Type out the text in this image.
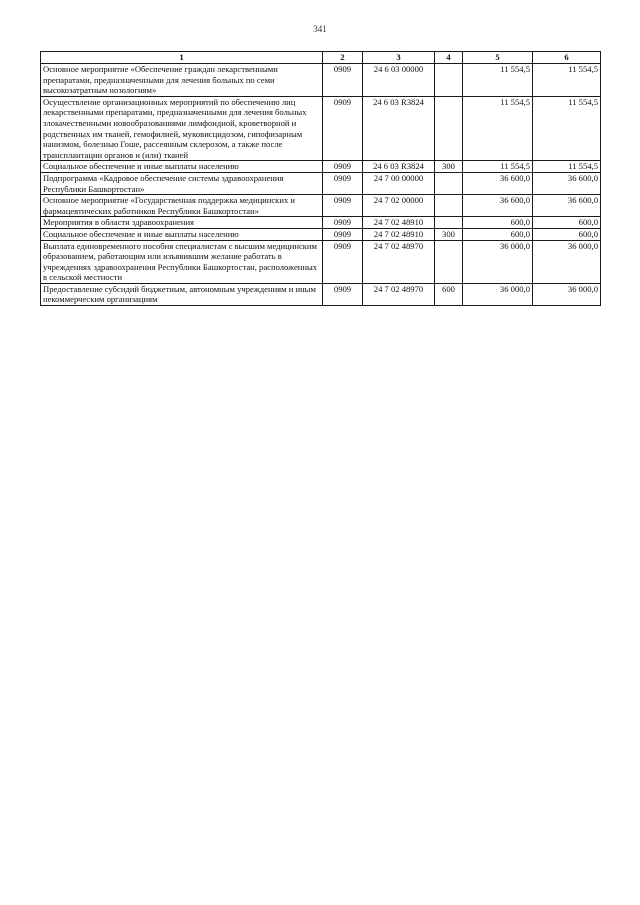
341
1	2	3	4	5	6
Основное мероприятие «Обеспечение граждан лекарственными препаратами, предназначенными для лечения больных по семи высокозатратным нозологиям»	0909	24 6 03 00000		11 554,5	11 554,5
Осуществление организационных мероприятий по обеспечению лиц лекарственными препаратами, предназначенными для лечения больных злокачественными новообразованиями лимфоидной, кроветворной и родственных им тканей, гемофилией, муковисцидозом, гипофизарным нанизмом, болезнью Гоше, рассеянным склерозом, а также после трансплантации органов и (или) тканей	0909	24 6 03 R3824		11 554,5	11 554,5
Социальное обеспечение и иные выплаты населению	0909	24 6 03 R3824	300	11 554,5	11 554,5
Подпрограмма «Кадровое обеспечение системы здравоохранения Республики Башкортостан»	0909	24 7 00 00000		36 600,0	36 600,0
Основное мероприятие «Государственная поддержка медицинских и фармацевтических работников Республики Башкортостан»	0909	24 7 02 00000		36 600,0	36 600,0
Мероприятия в области здравоохранения	0909	24 7 02 48910		600,0	600,0
Социальное обеспечение и иные выплаты населению	0909	24 7 02 48910	300	600,0	600,0
Выплата единовременного пособия специалистам с высшим медицинским образованием, работающим или изъявившим желание работать в учреждениях здравоохранения Республики Башкортостан, расположенных в сельской местности	0909	24 7 02 48970		36 000,0	36 000,0
Предоставление субсидий бюджетным, автономным учреждениям и иным некоммерческим организациям	0909	24 7 02 48970	600	36 000,0	36 000,0
